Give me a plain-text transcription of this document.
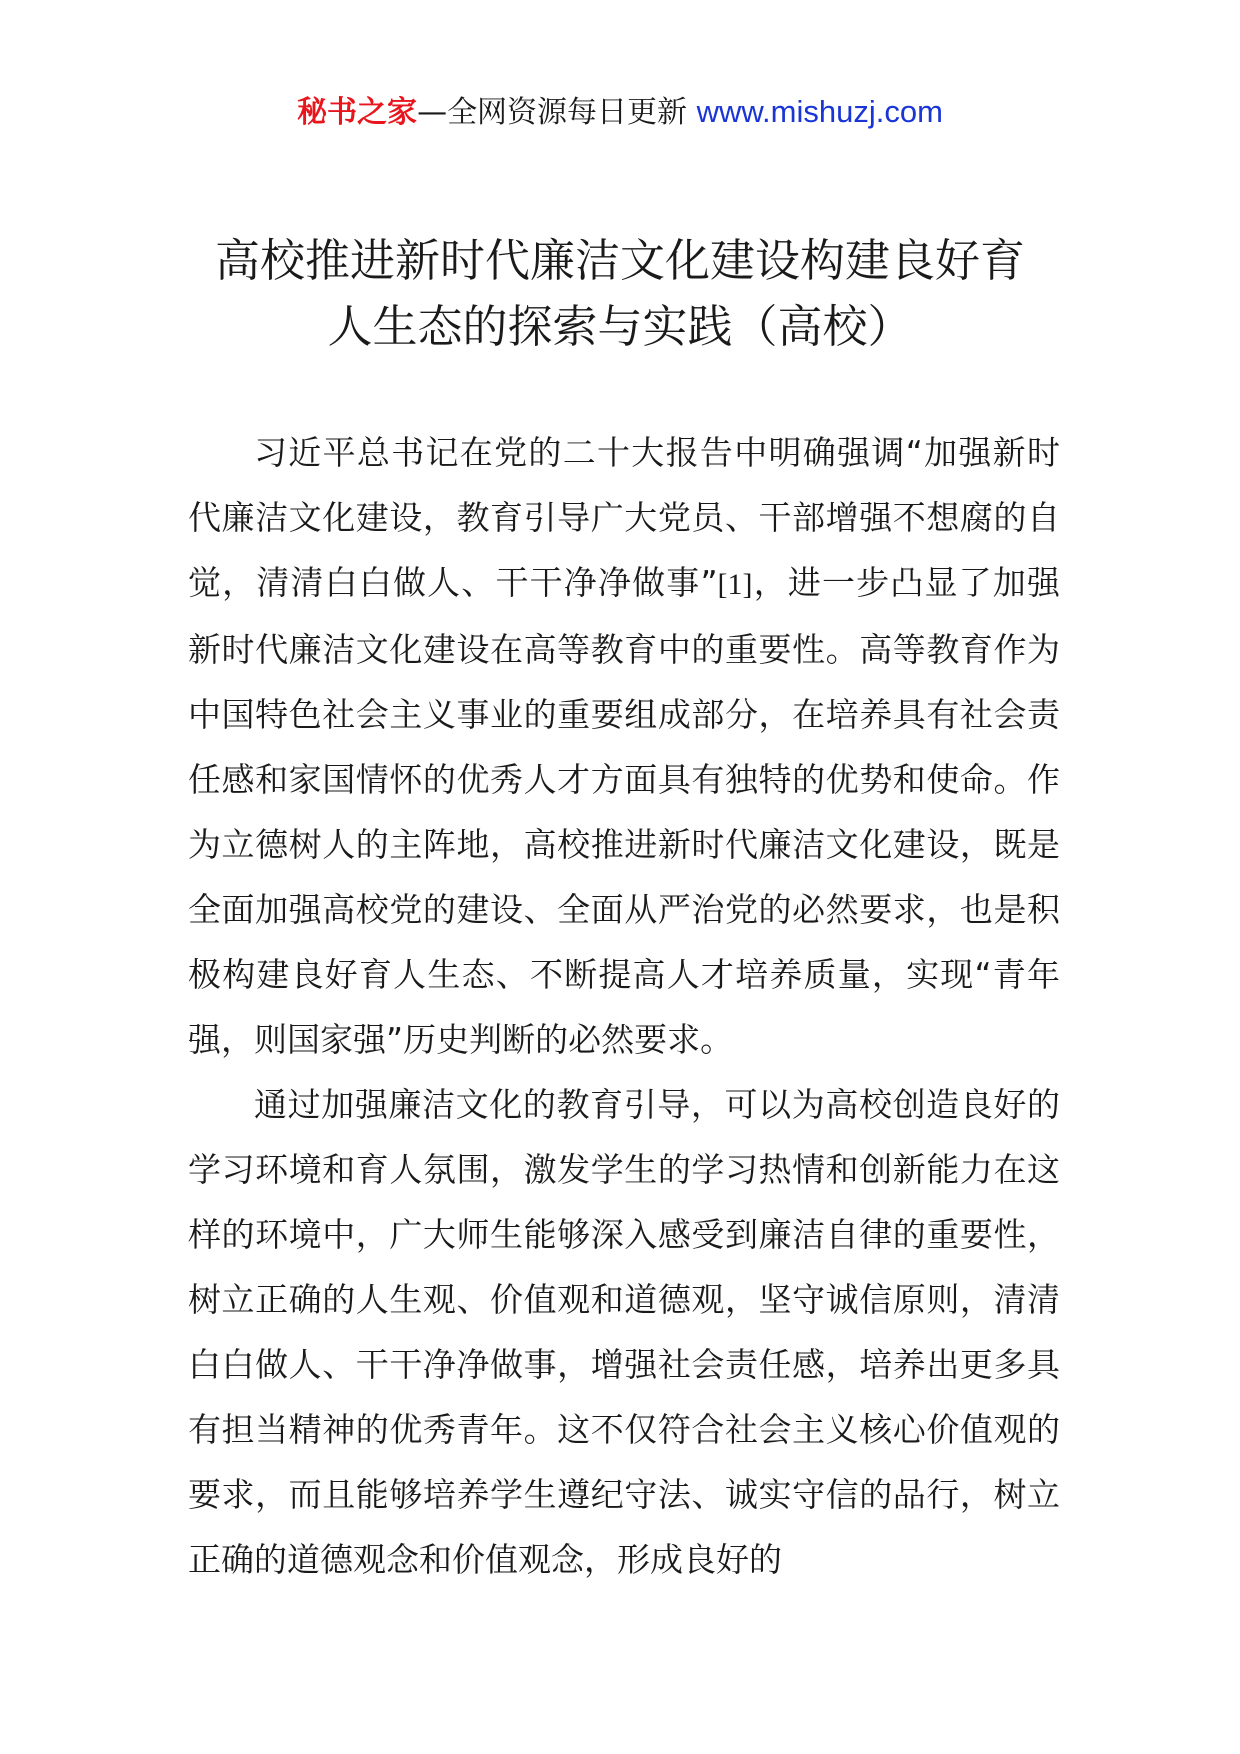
秘书之家—全网资源每日更新 www.mishuzj.com
高校推进新时代廉洁文化建设构建良好育
人生态的探索与实践（高校）

习近平总书记在党的二十大报告中明确强调“加强新时代廉洁文化建设，教育引导广大党员、干部增强不想腐的自觉，清清白白做人、干干净净做事”[1]，进一步凸显了加强新时代廉洁文化建设在高等教育中的重要性。高等教育作为中国特色社会主义事业的重要组成部分，在培养具有社会责任感和家国情怀的优秀人才方面具有独特的优势和使命。作为立德树人的主阵地，高校推进新时代廉洁文化建设，既是全面加强高校党的建设、全面从严治党的必然要求，也是积极构建良好育人生态、不断提高人才培养质量，实现“青年强，则国家强”历史判断的必然要求。

通过加强廉洁文化的教育引导，可以为高校创造良好的学习环境和育人氛围，激发学生的学习热情和创新能力在这样的环境中，广大师生能够深入感受到廉洁自律的重要性，树立正确的人生观、价值观和道德观，坚守诚信原则，清清白白做人、干干净净做事，增强社会责任感，培养出更多具有担当精神的优秀青年。这不仅符合社会主义核心价值观的要求，而且能够培养学生遵纪守法、诚实守信的品行，树立正确的道德观念和价值观念，形成良好的
